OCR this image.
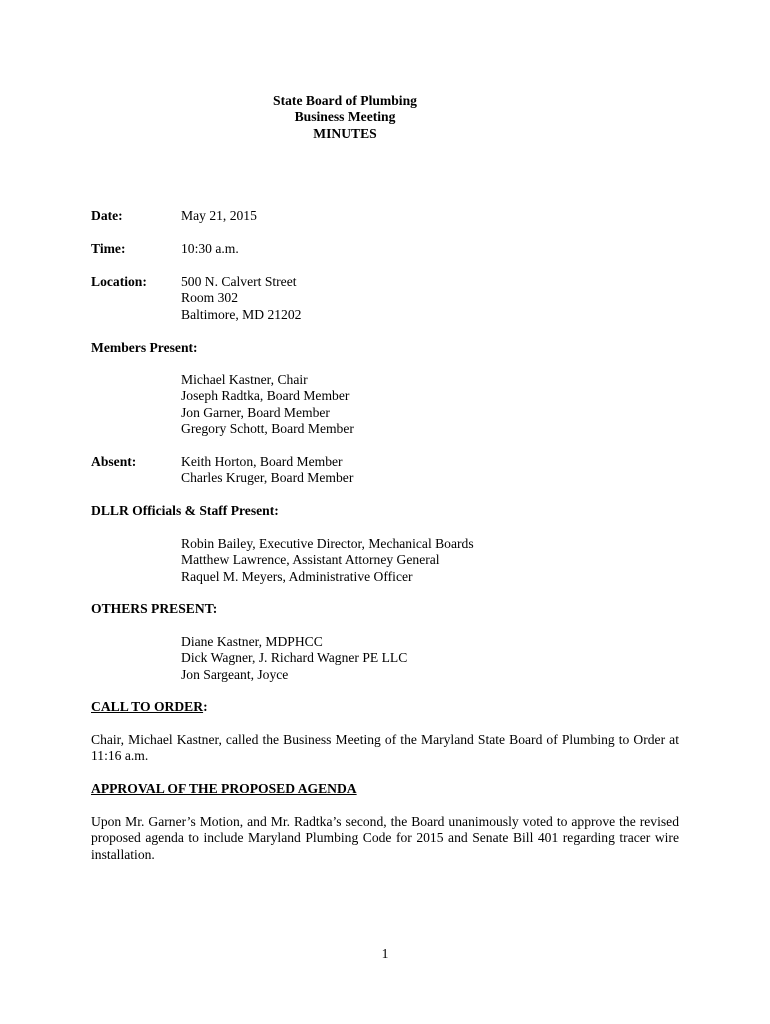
State Board of Plumbing
Business Meeting
MINUTES
Date:	May 21, 2015
Time:	10:30 a.m.
Location:	500 N. Calvert Street
Room 302
Baltimore, MD 21202
Members Present:
Michael Kastner, Chair
Joseph Radtka, Board Member
Jon Garner, Board Member
Gregory Schott, Board Member
Absent:	Keith Horton, Board Member
Charles Kruger, Board Member
DLLR Officials & Staff Present:
Robin Bailey, Executive Director, Mechanical Boards
Matthew Lawrence, Assistant Attorney General
Raquel M. Meyers, Administrative Officer
OTHERS PRESENT:
Diane Kastner, MDPHCC
Dick Wagner, J. Richard Wagner PE LLC
Jon Sargeant, Joyce
CALL TO ORDER:
Chair, Michael Kastner, called the Business Meeting of the Maryland State Board of Plumbing to Order at 11:16 a.m.
APPROVAL OF THE PROPOSED AGENDA
Upon Mr. Garner’s Motion, and Mr. Radtka’s second, the Board unanimously voted to approve the revised proposed agenda to include Maryland Plumbing Code for 2015 and Senate Bill 401 regarding tracer wire installation.
1
